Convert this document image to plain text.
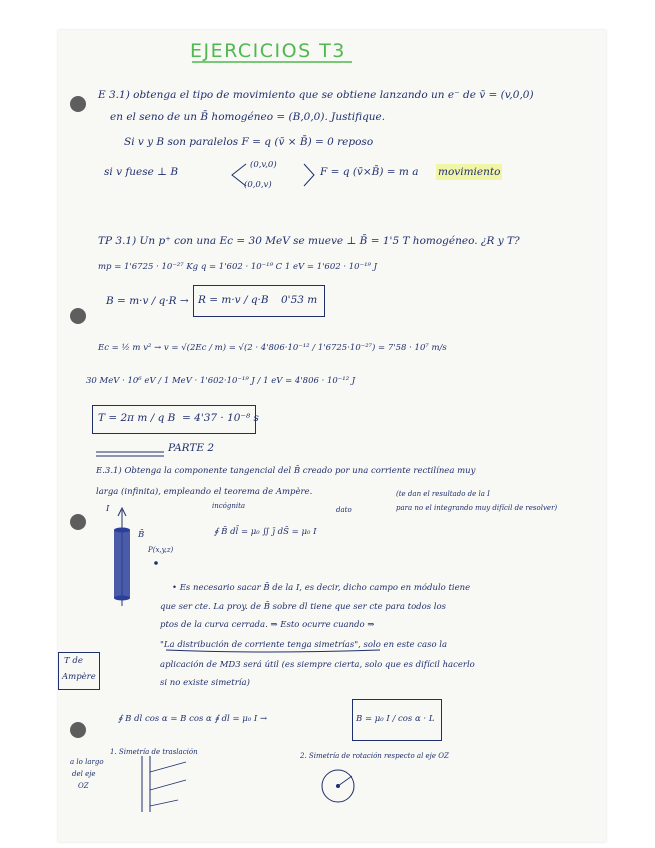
EJERCICIOS T3
E 3.1) obtenga el tipo de movimiento que se obtiene lanzando un e⁻ de v̄ = (v,0,0)
en el seno de un B̄ homogéneo = (B,0,0). Justifique.
Si v y B son paralelos F = q (v̄ × B̄) = 0 reposo
si v fuese ⊥ B
(0,v,0)
(0,0,v)
F = q (v̄×B̄) = m a movimiento
TP 3.1) Un p⁺ con una Ec = 30 MeV se mueve ⊥ B̄ = 1'5 T homogéneo. ¿R y T?
mp = 1'6725 · 10⁻²⁷ Kg q = 1'602 · 10⁻¹⁹ C 1 eV = 1'602 · 10⁻¹⁹ J
B = m·v / q·R → R = m·v / q·B 0'53 m
Ec = ½ m v² → v = √(2Ec / m) = √(2 · 4'806·10⁻¹² / 1'6725·10⁻²⁷) = 7'58 · 10⁷ m/s
30 MeV · 10⁶ eV / 1 MeV · 1'602·10⁻¹⁹ J / 1 eV = 4'806 · 10⁻¹² J
T = 2π m / q B = 4'37 · 10⁻⁸ s
PARTE 2
E.3.1) Obtenga la componente tangencial del B̄ creado por una corriente rectilínea muy
larga (infinita), empleando el teorema de Ampère.	(te dan el resultado de la I
para no el integrando muy difícil de resolver)
incógnita	dato
∮ B̄ dl̄ = μ₀ ∬ j̄ dS̄ = μ₀ I
I
B̄
P(x,y,z)
• Es necesario sacar B̄ de la I, es decir, dicho campo en módulo tiene
que ser cte. La proy. de B̄ sobre dl tiene que ser cte para todos los
ptos de la curva cerrada. ⇒ Esto ocurre cuando ⇒
"La distribución de corriente tenga simetrías", solo en este caso la
aplicación de MD3 será útil (es siempre cierta, solo que es difícil hacerlo
si no existe simetría)
T de
Ampère
∮ B dl cos α = B cos α ∮ dl = μ₀ I →	B = μ₀ I / cos α · L
1. Simetría de traslación	2. Simetría de rotación respecto al eje OZ
a lo largo
del eje
OZ
